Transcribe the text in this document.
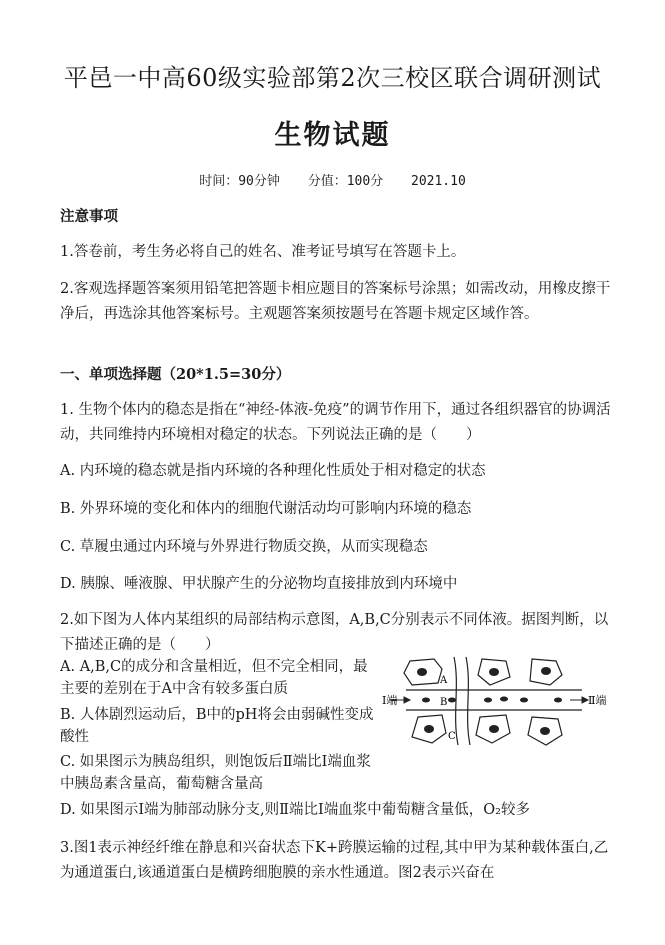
平邑一中高60级实验部第2次三校区联合调研测试
生物试题
时间：90分钟 分值：100分 2021.10
注意事项
1.答卷前，考生务必将自己的姓名、准考证号填写在答题卡上。
2.客观选择题答案须用铅笔把答题卡相应题目的答案标号涂黑；如需改动，用橡皮擦干净后，再选涂其他答案标号。主观题答案须按题号在答题卡规定区域作答。
一、单项选择题（20*1.5=30分）
1. 生物个体内的稳态是指在“神经-体液-免疫”的调节作用下，通过各组织器官的协调活动，共同维持内环境相对稳定的状态。下列说法正确的是（　　）
A. 内环境的稳态就是指内环境的各种理化性质处于相对稳定的状态
B. 外界环境的变化和体内的细胞代谢活动均可影响内环境的稳态
C. 草履虫通过内环境与外界进行物质交换，从而实现稳态
D. 胰腺、唾液腺、甲状腺产生的分泌物均直接排放到内环境中
2.如下图为人体内某组织的局部结构示意图，A,B,C分别表示不同体液。据图判断，以下描述正确的是（　　）
A. A,B,C的成分和含量相近，但不完全相同，最主要的差别在于A中含有较多蛋白质
B. 人体剧烈运动后，B中的pH将会由弱碱性变成酸性
C. 如果图示为胰岛组织，则饱饭后Ⅱ端比Ⅰ端血浆中胰岛素含量高，葡萄糖含量高
D. 如果图示Ⅰ端为肺部动脉分支,则Ⅱ端比Ⅰ端血浆中葡萄糖含量低，O₂较多
Ⅰ端	Ⅱ端
A
B
C
3.图1表示神经纤维在静息和兴奋状态下K+跨膜运输的过程,其中甲为某种载体蛋白,乙为通道蛋白,该通道蛋白是横跨细胞膜的亲水性通道。图2表示兴奋在
